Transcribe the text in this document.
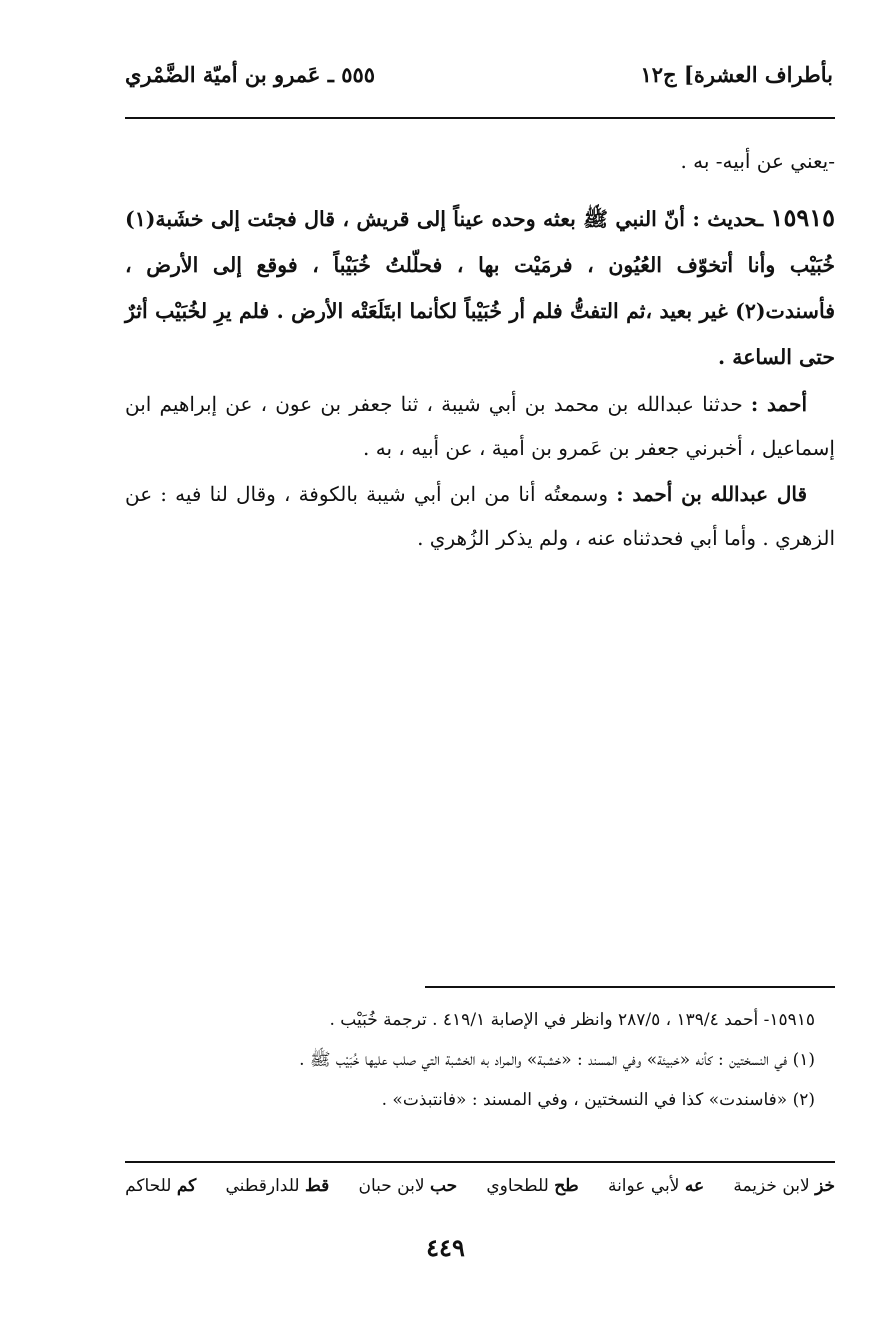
بأطراف العشرة] ج١٢
٥٥٥ ـ عَمرو بن أميّة الضَّمْري

-يعني عن أبيه- به .

١٥٩١٥ ـحديث : أنّ النبي ﷺ بعثه وحده عيناً إلى قريش ، قال فجئت إلى خشَبة(١) خُبَيْب وأنا أتخوّف العُيُون ، فرمَيْت بها ، فحلّلتُ خُبَيْباً ، فوقع إلى الأرض ، فأسندت(٢) غير بعيد ،ثم التفتُّ فلم أر خُبَيْباً لكأنما ابتَلَعَتْه الأرض . فلم يرِ لخُبَيْب أثرٌ حتى الساعة .

أحمد : حدثنا عبدالله بن محمد بن أبي شيبة ، ثنا جعفر بن عون ، عن إبراهيم ابن إسماعيل ، أخبرني جعفر بن عَمرو بن أمية ، عن أبيه ، به .

قال عبدالله بن أحمد : وسمعتُه أنا من ابن أبي شيبة بالكوفة ، وقال لنا فيه : عن الزهري . وأما أبي فحدثناه عنه ، ولم يذكر الزُهري .

١٥٩١٥- أحمد ١٣٩/٤ ، ٢٨٧/٥ وانظر في الإصابة ٤١٩/١ . ترجمة خُبَيْب .

(١) في النسختين : كأنه «خبيئة» وفي المسند : «خشبة» والمراد به الخشبة التي صلب عليها خُبَيْب ﷺ .

(٢) «فاسندت» كذا في النسختين ، وفي المسند : «فانتبذت» .

خز لابن خزيمة
عه لأبي عوانة
طح للطحاوي
حب لابن حبان
قط للدارقطني
كم للحاكم
٤٤٩
